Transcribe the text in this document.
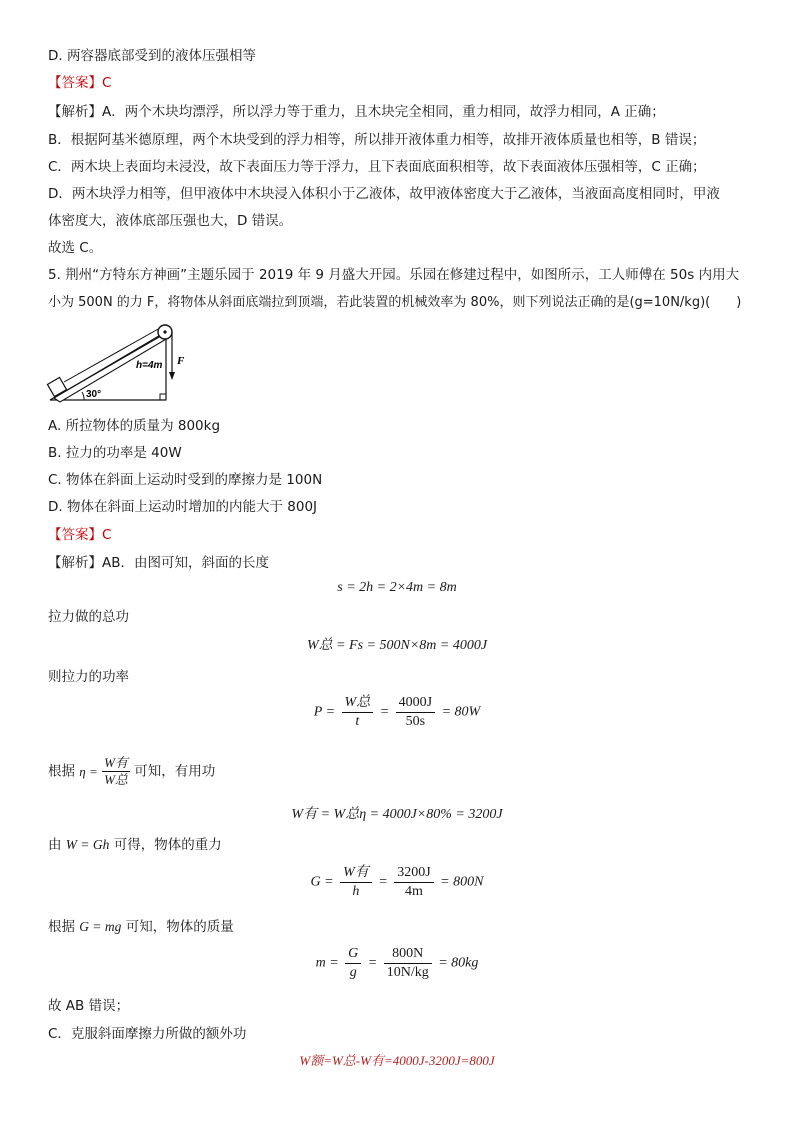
D. 两容器底部受到的液体压强相等
【答案】C
【解析】A．两个木块均漂浮，所以浮力等于重力，且木块完全相同，重力相同，故浮力相同，A 正确；
B．根据阿基米德原理，两个木块受到的浮力相等，所以排开液体重力相等，故排开液体质量也相等，B 错误；
C．两木块上表面均未浸没，故下表面压力等于浮力，且下表面底面积相等，故下表面液体压强相等，C 正确；
D．两木块浮力相等，但甲液体中木块浸入体积小于乙液体，故甲液体密度大于乙液体，当液面高度相同时，甲液
体密度大，液体底部压强也大，D 错误。
故选 C。
5. 荆州“方特东方神画”主题乐园于 2019 年 9 月盛大开园。乐园在修建过程中，如图所示，工人师傅在 50s 内用大
小为 500N 的力 F，将物体从斜面底端拉到顶端，若此装置的机械效率为 80%，则下列说法正确的是(g=10N/kg)(　　)
30°
h=4m F
A. 所拉物体的质量为 800kg
B. 拉力的功率是 40W
C. 物体在斜面上运动时受到的摩擦力是 100N
D. 物体在斜面上运动时增加的内能大于 800J
【答案】C
【解析】AB．由图可知，斜面的长度
s = 2h = 2×4m = 8m
拉力做的总功
W总 = Fs = 500N×8m = 4000J
则拉力的功率
$P = \frac{\text{W总}}{t} = \frac{4000J}{50s} = 80W$
根据 $\eta = \frac{\text{W有}}{\text{W总}}$ 可知，有用功
W有 = W总η = 4000J×80% = 3200J
由 W = Gh 可得，物体的重力
$G = \frac{\text{W有}}{h} = \frac{3200J}{4m} = 800N$
根据 G = mg 可知，物体的质量
$m = \frac{G}{g} = \frac{800N}{10N/kg} = 80kg$
故 AB 错误；
C．克服斜面摩擦力所做的额外功
W额=W总-W有=4000J-3200J=800J
